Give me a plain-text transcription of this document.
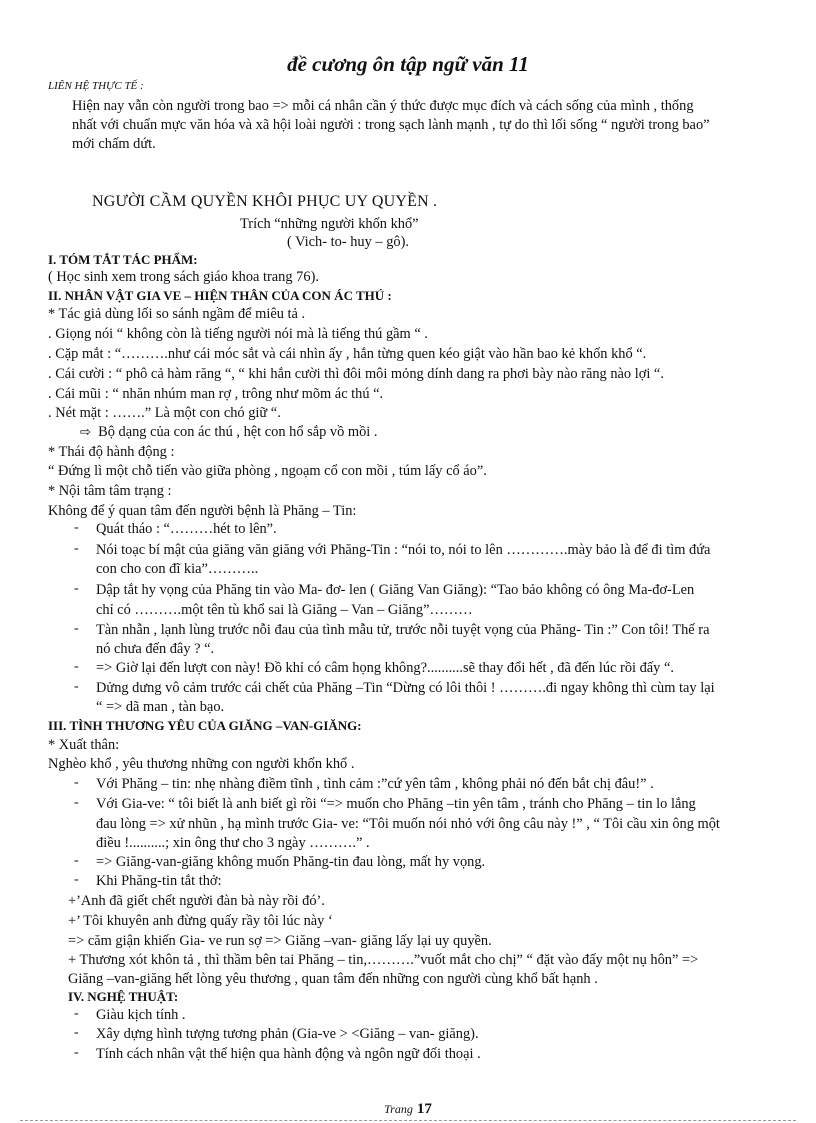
đề cương ôn tập ngữ văn 11
LIÊN HỆ THỰC TẾ :
Hiện nay vẫn còn người trong bao => mỗi cá nhân cần ý thức được mục đích và cách sống của mình , thống
nhất với chuẩn mực văn hóa và xã hội loài người : trong sạch lành mạnh , tự do thì lối sống “ người trong bao”
mới chấm dứt.
NGƯỜI CẦM QUYỀN KHÔI PHỤC UY QUYỀN .
Trích “những người khốn khổ”
( Vich- to- huy – gô).
I. TÓM TẮT TÁC PHẨM:
( Học sinh xem trong sách giáo khoa trang 76).
II. NHÂN VẬT GIA VE – HIỆN THÂN CỦA CON ÁC THÚ :
* Tác giả dùng lối so sánh ngầm để miêu tả .
. Giọng nói “ không còn là tiếng người nói mà là tiếng thú gầm “ .
. Cặp mắt : “……….như cái móc sắt và cái nhìn ấy , hắn từng quen kéo giật vào hần bao kẻ khốn khổ “.
. Cái cười : “ phô cả hàm răng “, “ khi hắn cười thì đôi môi mỏng dính dang ra phơi bày nào răng nào lợi “.
. Cái mũi : “ nhăn nhúm man rợ , trông như mõm ác thú “.
. Nét mặt : …….” Là một con chó giữ “.
⇨ Bộ dạng của con ác thú , hệt con hổ sắp vồ mồi .
* Thái độ hành động :
“ Đứng lì một chỗ tiến vào giữa phòng , ngoạm cổ con mồi , túm lấy cổ áo”.
* Nội tâm tâm trạng :
Không để ý quan tâm đến người bệnh là Phăng – Tin:
- Quát tháo : “………hét to lên”.
- Nói toạc bí mật của giăng văn giăng với Phăng-Tin : “nói to, nói to lên ………….mày bảo là để đi tìm đứa
con cho con đĩ kia”………..
- Dập tắt hy vọng của Phăng tin vào Ma- đơ- len ( Giăng Van Giăng): “Tao bảo không có ông Ma-đơ-Len
chỉ có ……….một tên tù khổ sai là Giăng – Van – Giăng”………
- Tàn nhẫn , lạnh lùng trước nỗi đau của tình mẫu tử, trước nỗi tuyệt vọng của Phăng- Tin :” Con tôi! Thế ra
nó chưa đến đây ? “.
- => Giờ lại đến lượt con này! Đồ khỉ có câm họng không?..........sẽ thay đổi hết , đã đến lúc rồi đấy “.
- Dửng dưng vô cảm trước cái chết của Phăng –Tin “Dừng có lôi thôi ! ……….đi ngay không thì cùm tay lại
“ => dã man , tàn bạo.
III. TÌNH THƯƠNG YÊU CỦA GIĂNG –VAN-GIĂNG:
* Xuất thân:
Nghèo khổ , yêu thương những con người khốn khổ .
- Với Phăng – tin: nhẹ nhàng điềm tĩnh , tình cảm :”cứ yên tâm , không phải nó đến bắt chị đâu!” .
- Với Gia-ve: “ tôi biết là anh biết gì rồi “=> muốn cho Phăng –tin yên tâm , tránh cho Phăng – tin lo lắng
đau lòng => xử nhũn , hạ mình trước Gia- ve: “Tôi muốn nói nhỏ với ông câu này !” , “ Tôi cầu xin ông một
điều !..........; xin ông thư cho 3 ngày ……….” .
- => Giăng-van-giăng không muốn Phăng-tin đau lòng, mất hy vọng.
- Khi Phăng-tin tắt thở:
+’Anh đã giết chết người đàn bà này rồi đó’.
+’ Tôi khuyên anh đừng quấy rầy tôi lúc này ‘
=> căm giận khiến Gia- ve run sợ => Giăng –van- giăng lấy lại uy quyền.
+ Thương xót khôn tả , thì thầm bên tai Phăng – tin,……….”vuốt mắt cho chị” “ đặt vào đấy một nụ hôn” =>
Giăng –van-giăng hết lòng yêu thương , quan tâm đến những con người cùng khổ bất hạnh .
IV. NGHỆ THUẬT:
- Giàu kịch tính .
- Xây dựng hình tượng tương phản (Gia-ve > <Giăng – van- giăng).
- Tính cách nhân vật thể hiện qua hành động và ngôn ngữ đối thoại .
Trang 17
